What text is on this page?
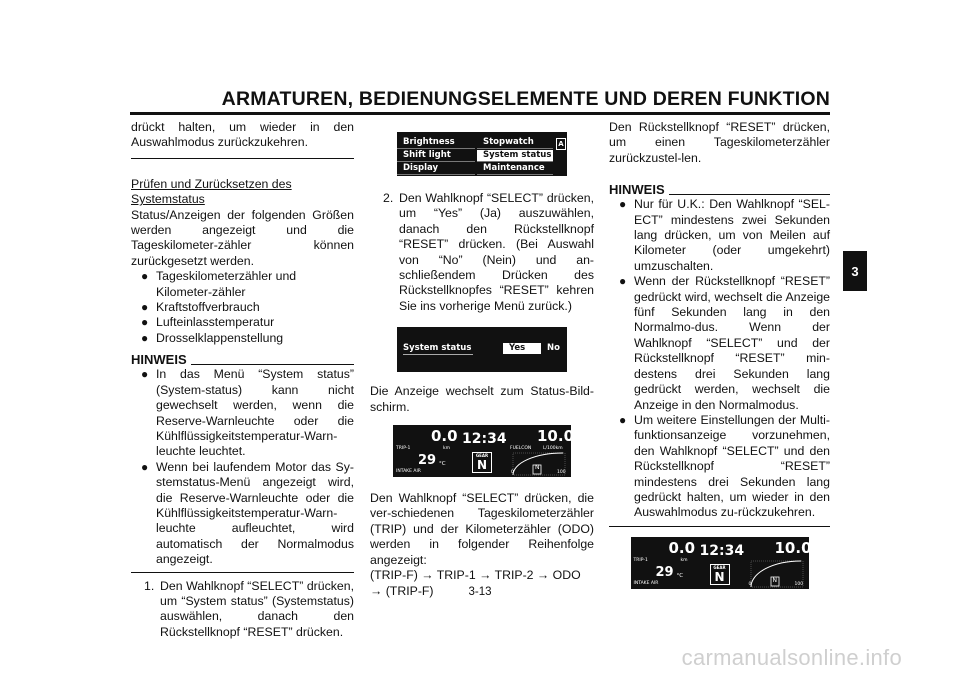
ARMATUREN, BEDIENUNGSELEMENTE UND DEREN FUNKTION
3

drückt halten, um wieder in den Auswahlmodus zurückzukehren.

Prüfen und Zurücksetzen des Systemstatus

Status/Anzeigen der folgenden Größen werden angezeigt und die Tageskilometer-zähler können zurückgesetzt werden.

● Tageskilometerzähler und Kilometer-zähler
● Kraftstoffverbrauch
● Lufteinlasstemperatur
● Drosselklappenstellung
HINWEIS
● In das Menü “System status” (System-status) kann nicht gewechselt werden, wenn die Reserve-Warnleuchte oder die Kühlflüssigkeitstemperatur-Warn-leuchte leuchtet.
● Wenn bei laufendem Motor das Sy-stemstatus-Menü angezeigt wird, die Reserve-Warnleuchte oder die Kühlflüssigkeitstemperatur-Warn-leuchte aufleuchtet, wird automatisch der Normalmodus angezeigt.
1. Den Wahlknopf “SELECT” drücken, um “System status” (Systemstatus) auswählen, danach den Rückstellknopf “RESET” drücken.
Brightness	Stopwatch
Shift light	System status
Display	Maintenance
A
2. Den Wahlknopf “SELECT” drücken, um “Yes” (Ja) auszuwählen, danach den Rückstellknopf “RESET” drücken. (Bei Auswahl von “No” (Nein) und an-schließendem Drücken des Rückstellknopfes “RESET” kehren Sie ins vorherige Menü zurück.)
System status	Yes	No

Die Anzeige wechselt zum Status-Bild-schirm.

0.0
TRIP-1	km
12:34 10.0
FUELCON	L/100km
29 °C
INTAKE AIR
GEAR
N
0
N
100

Den Wahlknopf “SELECT” drücken, die ver-schiedenen Tageskilometerzähler (TRIP) und der Kilometerzähler (ODO) werden in folgender Reihenfolge angezeigt:

(TRIP-F) → TRIP-1 → TRIP-2 → ODO → (TRIP-F)

Den Rückstellknopf “RESET” drücken, um einen Tageskilometerzähler zurückzustel-len.

HINWEIS
● Nur für U.K.: Den Wahlknopf “SEL-ECT” mindestens zwei Sekunden lang drücken, um von Meilen auf Kilometer (oder umgekehrt) umzuschalten.
● Wenn der Rückstellknopf “RESET” gedrückt wird, wechselt die Anzeige fünf Sekunden lang in den Normalmo-dus. Wenn der Wahlknopf “SELECT” und der Rückstellknopf “RESET” min-destens drei Sekunden lang gedrückt werden, wechselt die Anzeige in den Normalmodus.
● Um weitere Einstellungen der Multi-funktionsanzeige vorzunehmen, den Wahlknopf “SELECT” und den Rückstellknopf “RESET” mindestens drei Sekunden lang gedrückt halten, um wieder in den Auswahlmodus zu-rückzukehren.
0.0
TRIP-1	km
12:34 10.0
29 °C
INTAKE AIR
GEAR
N
0
N
100
3-13
carmanualsonline.info
